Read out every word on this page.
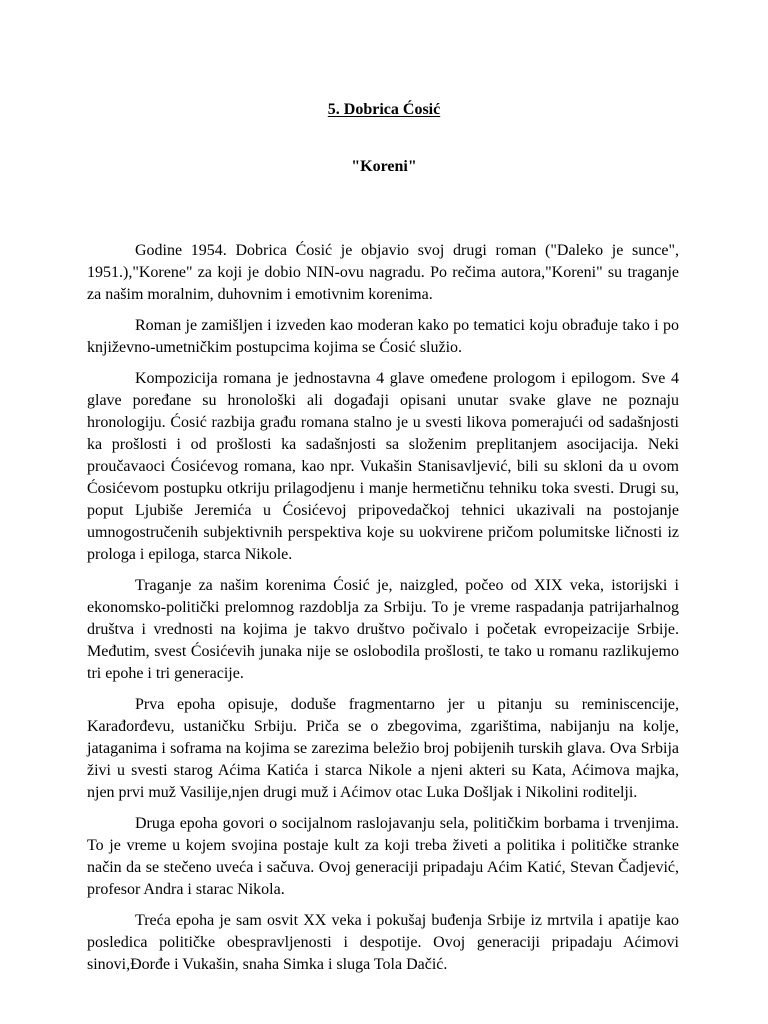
5. Dobrica Ćosić
"Koreni"

Godine 1954. Dobrica Ćosić je objavio svoj drugi roman ("Daleko je sunce", 1951.),"Korene" za koji je dobio NIN-ovu nagradu. Po rečima autora,"Koreni" su traganje za našim moralnim, duhovnim i emotivnim korenima.

Roman je zamišljen i izveden kao moderan kako po tematici koju obrađuje tako i po književno-umetničkim postupcima kojima se Ćosić služio.

Kompozicija romana je jednostavna 4 glave omeđene prologom i epilogom. Sve 4 glave poređane su hronološki ali događaji opisani unutar svake glave ne poznaju hronologiju. Ćosić razbija građu romana stalno je u svesti likova pomerajući od sadašnjosti ka prošlosti i od prošlosti ka sadašnjosti sa složenim preplitanjem asocijacija. Neki proučavaoci Ćosićevog romana, kao npr. Vukašin Stanisavljević, bili su skloni da u ovom Ćosićevom postupku otkriju prilagodjenu i manje hermetičnu tehniku toka svesti. Drugi su, poput Ljubiše Jeremića u Ćosićevoj pripovedačkoj tehnici ukazivali na postojanje umnogostručenih subjektivnih perspektiva koje su uokvirene pričom polumitske ličnosti iz prologa i epiloga, starca Nikole.

Traganje za našim korenima Ćosić je, naizgled, počeo od XIX veka, istorijski i ekonomsko-politički prelomnog razdoblja za Srbiju. To je vreme raspadanja patrijarhalnog društva i vrednosti na kojima je takvo društvo počivalo i početak evropeizacije Srbije. Međutim, svest Ćosićevih junaka nije se oslobodila prošlosti, te tako u romanu razlikujemo tri epohe i tri generacije.

Prva epoha opisuje, doduše fragmentarno jer u pitanju su reminiscencije, Karađorđevu, ustaničku Srbiju. Priča se o zbegovima, zgarištima, nabijanju na kolje, jataganima i soframa na kojima se zarezima beležio broj pobijenih turskih glava. Ova Srbija živi u svesti starog Aćima Katića i starca Nikole a njeni akteri su Kata, Aćimova majka, njen prvi muž Vasilije,njen drugi muž i Aćimov otac Luka Došljak i Nikolini roditelji.

Druga epoha govori o socijalnom raslojavanju sela, političkim borbama i trvenjima. To je vreme u kojem svojina postaje kult za koji treba živeti a politika i političke stranke način da se stečeno uveća i sačuva. Ovoj generaciji pripadaju Aćim Katić, Stevan Čadjević, profesor Andra i starac Nikola.

Treća epoha je sam osvit XX veka i pokušaj buđenja Srbije iz mrtvila i apatije kao posledica političke obespravljenosti i despotije. Ovoj generaciji pripadaju Aćimovi sinovi,Đorđe i Vukašin, snaha Simka i sluga Tola Dačić.
